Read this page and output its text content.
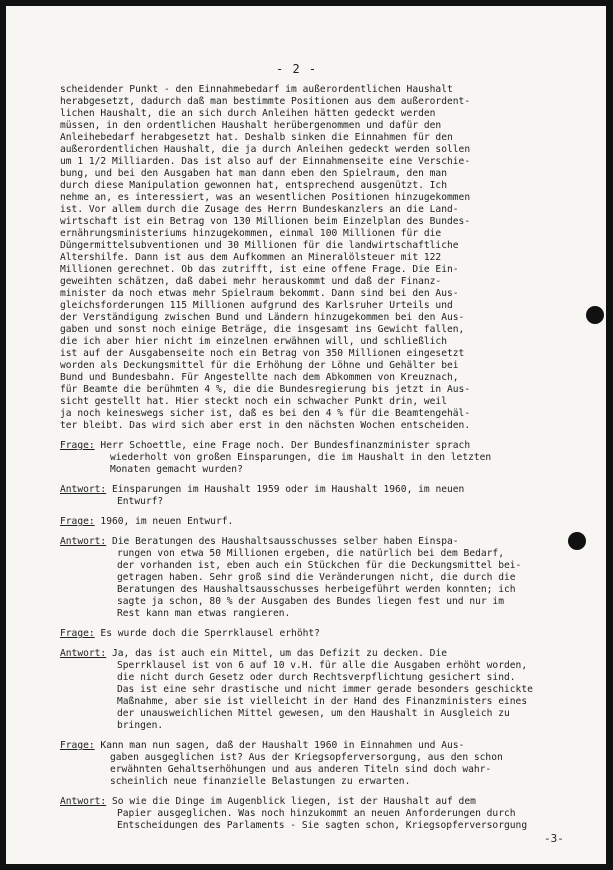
- 2 -
scheidender Punkt - den Einnahmebedarf im außerordentlichen Haushalt
herabgesetzt, dadurch daß man bestimmte Positionen aus dem außerordent-
lichen Haushalt, die an sich durch Anleihen hätten gedeckt werden
müssen, in den ordentlichen Haushalt herübergenommen und dafür den
Anleihebedarf herabgesetzt hat. Deshalb sinken die Einnahmen für den
außerordentlichen Haushalt, die ja durch Anleihen gedeckt werden sollen
um 1 1/2 Milliarden. Das ist also auf der Einnahmenseite eine Verschie-
bung, und bei den Ausgaben hat man dann eben den Spielraum, den man
durch diese Manipulation gewonnen hat, entsprechend ausgenützt. Ich
nehme an, es interessiert, was an wesentlichen Positionen hinzugekommen
ist. Vor allem durch die Zusage des Herrn Bundeskanzlers an die Land-
wirtschaft ist ein Betrag von 130 Millionen beim Einzelplan des Bundes-
ernährungsministeriums hinzugekommen, einmal 100 Millionen für die
Düngermittelsubventionen und 30 Millionen für die landwirtschaftliche
Altershilfe. Dann ist aus dem Aufkommen an Mineralölsteuer mit 122
Millionen gerechnet. Ob das zutrifft, ist eine offene Frage. Die Ein-
geweihten schätzen, daß dabei mehr herauskommt und daß der Finanz-
minister da noch etwas mehr Spielraum bekommt. Dann sind bei den Aus-
gleichsforderungen 115 Millionen aufgrund des Karlsruher Urteils und
der Verständigung zwischen Bund und Ländern hinzugekommen bei den Aus-
gaben und sonst noch einige Beträge, die insgesamt ins Gewicht fallen,
die ich aber hier nicht im einzelnen erwähnen will, und schließlich
ist auf der Ausgabenseite noch ein Betrag von 350 Millionen eingesetzt
worden als Deckungsmittel für die Erhöhung der Löhne und Gehälter bei
Bund und Bundesbahn. Für Angestellte nach dem Abkommen von Kreuznach,
für Beamte die berühmten 4 %, die die Bundesregierung bis jetzt in Aus-
sicht gestellt hat. Hier steckt noch ein schwacher Punkt drin, weil
ja noch keineswegs sicher ist, daß es bei den 4 % für die Beamtengehäl-
ter bleibt. Das wird sich aber erst in den nächsten Wochen entscheiden.
Frage: Herr Schoettle, eine Frage noch. Der Bundesfinanzminister sprach
wiederholt von großen Einsparungen, die im Haushalt in den letzten
Monaten gemacht wurden?
Antwort: Einsparungen im Haushalt 1959 oder im Haushalt 1960, im neuen
Entwurf?
Frage: 1960, im neuen Entwurf.
Antwort: Die Beratungen des Haushaltsausschusses selber haben Einspa-
rungen von etwa 50 Millionen ergeben, die natürlich bei dem Bedarf,
der vorhanden ist, eben auch ein Stückchen für die Deckungsmittel bei-
getragen haben. Sehr groß sind die Veränderungen nicht, die durch die
Beratungen des Haushaltsausschusses herbeigeführt werden konnten; ich
sagte ja schon, 80 % der Ausgaben des Bundes liegen fest und nur im
Rest kann man etwas rangieren.
Frage: Es wurde doch die Sperrklausel erhöht?
Antwort: Ja, das ist auch ein Mittel, um das Defizit zu decken. Die
Sperrklausel ist von 6 auf 10 v.H. für alle die Ausgaben erhöht worden,
die nicht durch Gesetz oder durch Rechtsverpflichtung gesichert sind.
Das ist eine sehr drastische und nicht immer gerade besonders geschickte
Maßnahme, aber sie ist vielleicht in der Hand des Finanzministers eines
der unausweichlichen Mittel gewesen, um den Haushalt in Ausgleich zu
bringen.
Frage: Kann man nun sagen, daß der Haushalt 1960 in Einnahmen und Aus-
gaben ausgeglichen ist? Aus der Kriegsopferversorgung, aus den schon
erwähnten Gehaltserhöhungen und aus anderen Titeln sind doch wahr-
scheinlich neue finanzielle Belastungen zu erwarten.
Antwort: So wie die Dinge im Augenblick liegen, ist der Haushalt auf dem
Papier ausgeglichen. Was noch hinzukommt an neuen Anforderungen durch
Entscheidungen des Parlaments - Sie sagten schon, Kriegsopferversorgung
-3-
